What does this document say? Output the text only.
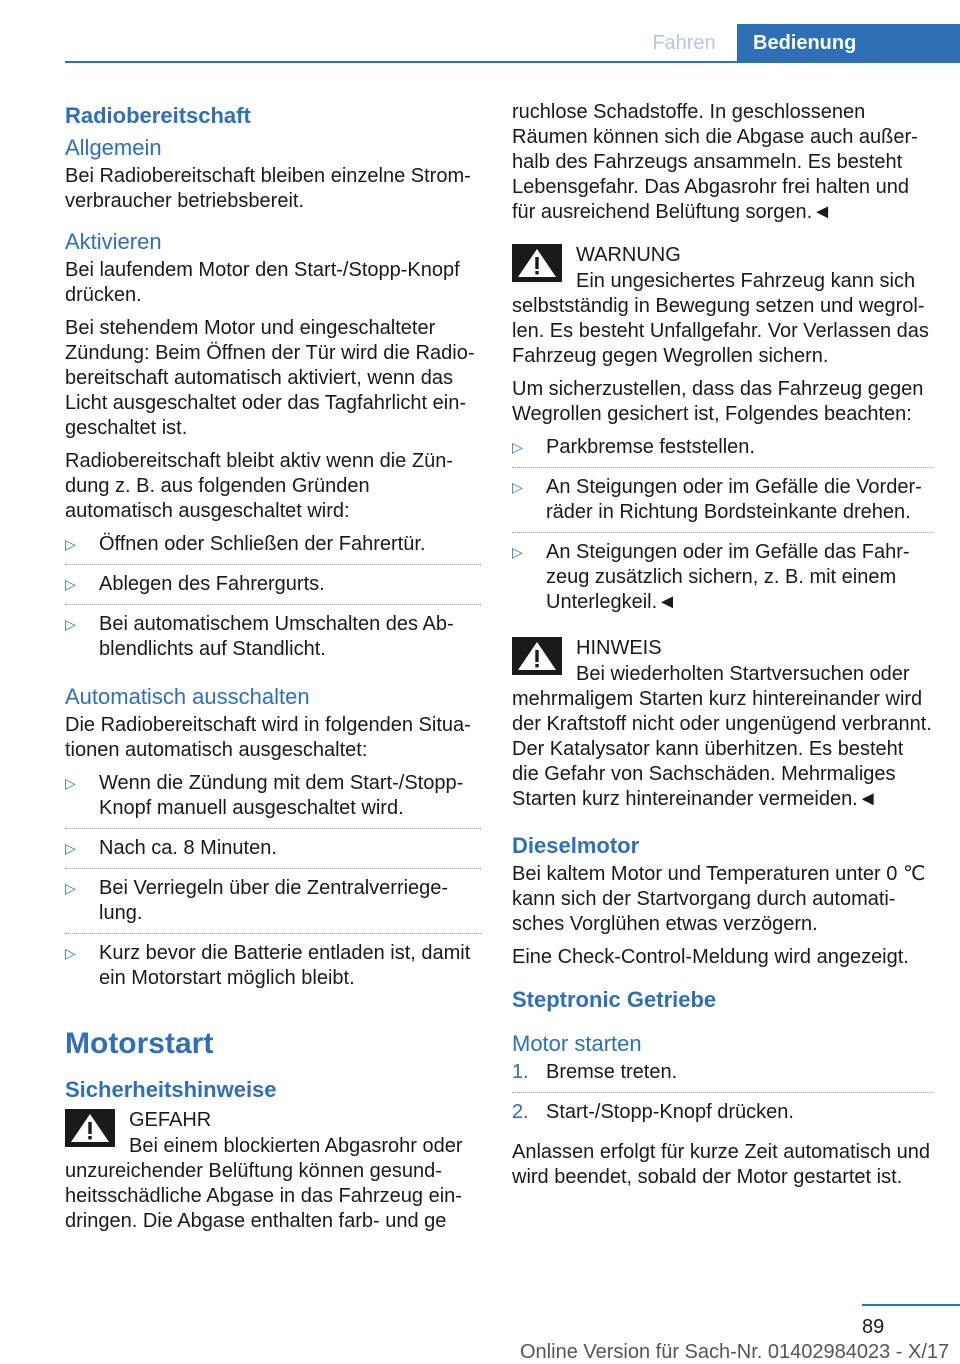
Fahren	Bedienung
Radiobereitschaft
Allgemein

Bei Radiobereitschaft bleiben einzelne Stromverbraucher betriebsbereit.

Aktivieren

Bei laufendem Motor den Start-/Stopp-Knopf drücken.

Bei stehendem Motor und eingeschalteter Zündung: Beim Öffnen der Tür wird die Radiobereitschaft automatisch aktiviert, wenn das Licht ausgeschaltet oder das Tagfahrlicht eingeschaltet ist.

Radiobereitschaft bleibt aktiv wenn die Zündung z. B. aus folgenden Gründen automatisch ausgeschaltet wird:

▷ Öffnen oder Schließen der Fahrertür.
▷ Ablegen des Fahrergurts.
▷ Bei automatischem Umschalten des Abblendlichts auf Standlicht.
Automatisch ausschalten

Die Radiobereitschaft wird in folgenden Situationen automatisch ausgeschaltet:

▷ Wenn die Zündung mit dem Start-/Stopp-Knopf manuell ausgeschaltet wird.
▷ Nach ca. 8 Minuten.
▷ Bei Verriegeln über die Zentralverriegelung.
▷ Kurz bevor die Batterie entladen ist, damit ein Motorstart möglich bleibt.
Motorstart
Sicherheitshinweise
GEFAHR
Bei einem blockierten Abgasrohr oder unzureichender Belüftung können gesundheitsschädliche Abgase in das Fahrzeug eindringen. Die Abgase enthalten farb- und ge

ruchlose Schadstoffe. In geschlossenen Räumen können sich die Abgase auch außerhalb des Fahrzeugs ansammeln. Es besteht Lebensgefahr. Das Abgasrohr frei halten und für ausreichend Belüftung sorgen.◄

WARNUNG
Ein ungesichertes Fahrzeug kann sich selbstständig in Bewegung setzen und wegrollen. Es besteht Unfallgefahr. Vor Verlassen das Fahrzeug gegen Wegrollen sichern.

Um sicherzustellen, dass das Fahrzeug gegen Wegrollen gesichert ist, Folgendes beachten:

▷ Parkbremse feststellen.
▷ An Steigungen oder im Gefälle die Vorderräder in Richtung Bordsteinkante drehen.
▷ An Steigungen oder im Gefälle das Fahrzeug zusätzlich sichern, z. B. mit einem Unterlegkeil.◄
HINWEIS
Bei wiederholten Startversuchen oder mehrmaligem Starten kurz hintereinander wird der Kraftstoff nicht oder ungenügend verbrannt. Der Katalysator kann überhitzen. Es besteht die Gefahr von Sachschäden. Mehrmaliges Starten kurz hintereinander vermeiden.◄
Dieselmotor

Bei kaltem Motor und Temperaturen unter 0 ℃ kann sich der Startvorgang durch automatisches Vorglühen etwas verzögern.

Eine Check-Control-Meldung wird angezeigt.

Steptronic Getriebe
Motor starten
1. Bremse treten.
2. Start-/Stopp-Knopf drücken.

Anlassen erfolgt für kurze Zeit automatisch und wird beendet, sobald der Motor gestartet ist.

89
Online Version für Sach-Nr. 01402984023 - X/17
